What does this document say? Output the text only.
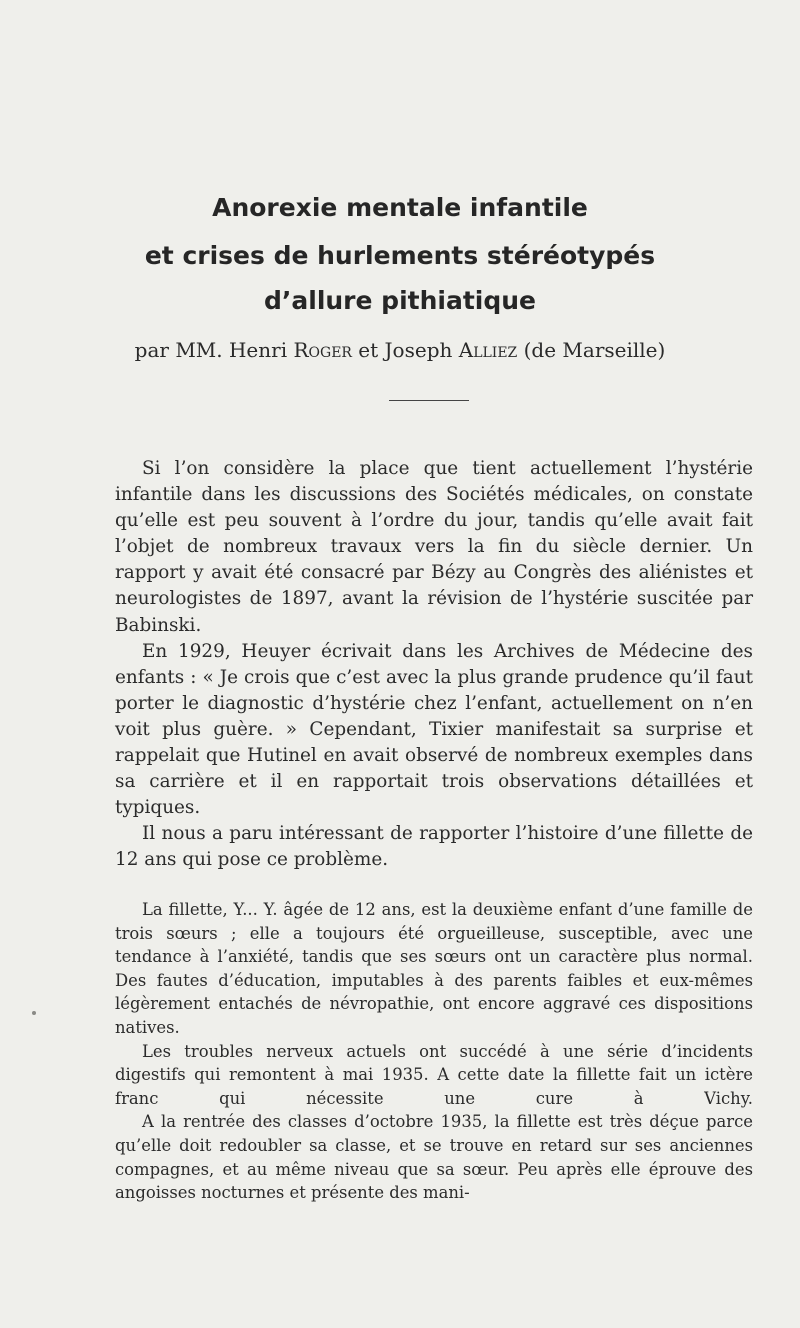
Anorexie mentale infantile
et crises de hurlements stéréotypés
d’allure pithiatique
par MM. Henri Roger et Joseph Alliez (de Marseille)

Si l’on considère la place que tient actuellement l’hystérie infantile dans les discussions des Sociétés médicales, on constate qu’elle est peu souvent à l’ordre du jour, tandis qu’elle avait fait l’objet de nombreux travaux vers la fin du siècle dernier. Un rapport y avait été consacré par Bézy au Congrès des aliénistes et neurologistes de 1897, avant la révision de l’hystérie suscitée par Babinski.

En 1929, Heuyer écrivait dans les Archives de Médecine des enfants : « Je crois que c’est avec la plus grande prudence qu’il faut porter le diagnostic d’hystérie chez l’enfant, actuellement on n’en voit plus guère. » Cependant, Tixier manifestait sa surprise et rappelait que Hutinel en avait observé de nombreux exemples dans sa carrière et il en rapportait trois observations détaillées et typiques.

Il nous a paru intéressant de rapporter l’histoire d’une fillette de 12 ans qui pose ce problème.

La fillette, Y... Y. âgée de 12 ans, est la deuxième enfant d’une famille de trois sœurs ; elle a toujours été orgueilleuse, susceptible, avec une tendance à l’anxiété, tandis que ses sœurs ont un caractère plus normal. Des fautes d’éducation, imputables à des parents faibles et eux-mêmes légèrement entachés de névropathie, ont encore aggravé ces dispositions natives.

Les troubles nerveux actuels ont succédé à une série d’incidents digestifs qui remontent à mai 1935. A cette date la fillette fait un ictère franc qui nécessite une cure à Vichy.

A la rentrée des classes d’octobre 1935, la fillette est très déçue parce qu’elle doit redoubler sa classe, et se trouve en retard sur ses anciennes compagnes, et au même niveau que sa sœur. Peu après elle éprouve des angoisses nocturnes et présente des mani-
